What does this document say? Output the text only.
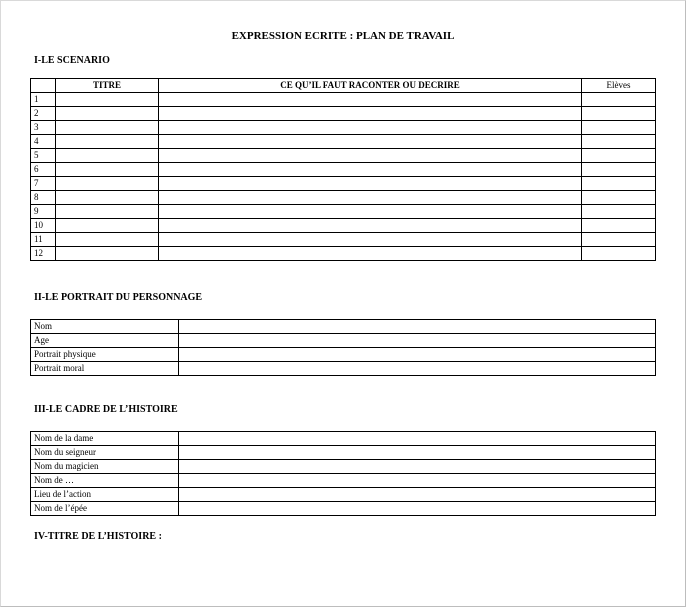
EXPRESSION ECRITE : PLAN DE TRAVAIL
I-LE SCENARIO
	TITRE	CE QU’IL FAUT RACONTER OU DECRIRE	Elèves
1			
2			
3			
4			
5			
6			
7			
8			
9			
10			
11			
12			
II-LE PORTRAIT DU PERSONNAGE
Nom	
Age	
Portrait physique	
Portrait moral	
III-LE CADRE DE L’HISTOIRE
Nom de la dame	
Nom du seigneur	
Nom du magicien	
Nom de …	
Lieu de l’action	
Nom de l’épée	
IV-TITRE DE L’HISTOIRE :
